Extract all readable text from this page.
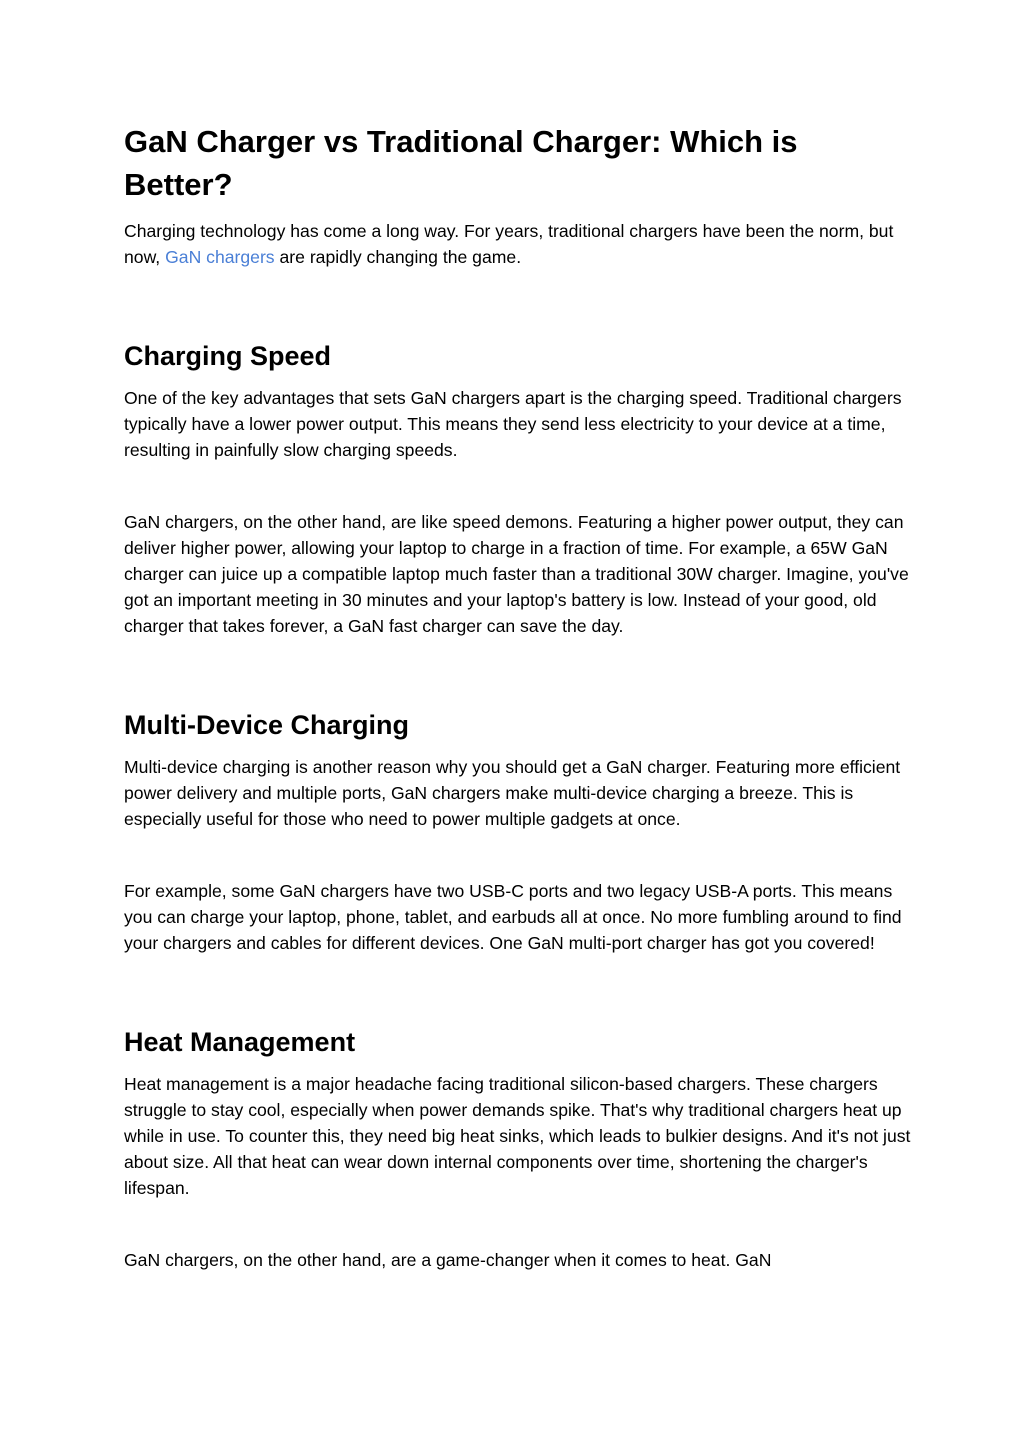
GaN Charger vs Traditional Charger: Which is Better?

Charging technology has come a long way. For years, traditional chargers have been the norm, but now, GaN chargers are rapidly changing the game.

Charging Speed

One of the key advantages that sets GaN chargers apart is the charging speed. Traditional chargers typically have a lower power output. This means they send less electricity to your device at a time, resulting in painfully slow charging speeds.

GaN chargers, on the other hand, are like speed demons. Featuring a higher power output, they can deliver higher power, allowing your laptop to charge in a fraction of time. For example, a 65W GaN charger can juice up a compatible laptop much faster than a traditional 30W charger. Imagine, you've got an important meeting in 30 minutes and your laptop's battery is low. Instead of your good, old charger that takes forever, a GaN fast charger can save the day.

Multi-Device Charging

Multi-device charging is another reason why you should get a GaN charger. Featuring more efficient power delivery and multiple ports, GaN chargers make multi-device charging a breeze. This is especially useful for those who need to power multiple gadgets at once.

For example, some GaN chargers have two USB-C ports and two legacy USB-A ports. This means you can charge your laptop, phone, tablet, and earbuds all at once. No more fumbling around to find your chargers and cables for different devices. One GaN multi-port charger has got you covered!

Heat Management

Heat management is a major headache facing traditional silicon-based chargers. These chargers struggle to stay cool, especially when power demands spike. That's why traditional chargers heat up while in use. To counter this, they need big heat sinks, which leads to bulkier designs. And it's not just about size. All that heat can wear down internal components over time, shortening the charger's lifespan.

GaN chargers, on the other hand, are a game-changer when it comes to heat. GaN
